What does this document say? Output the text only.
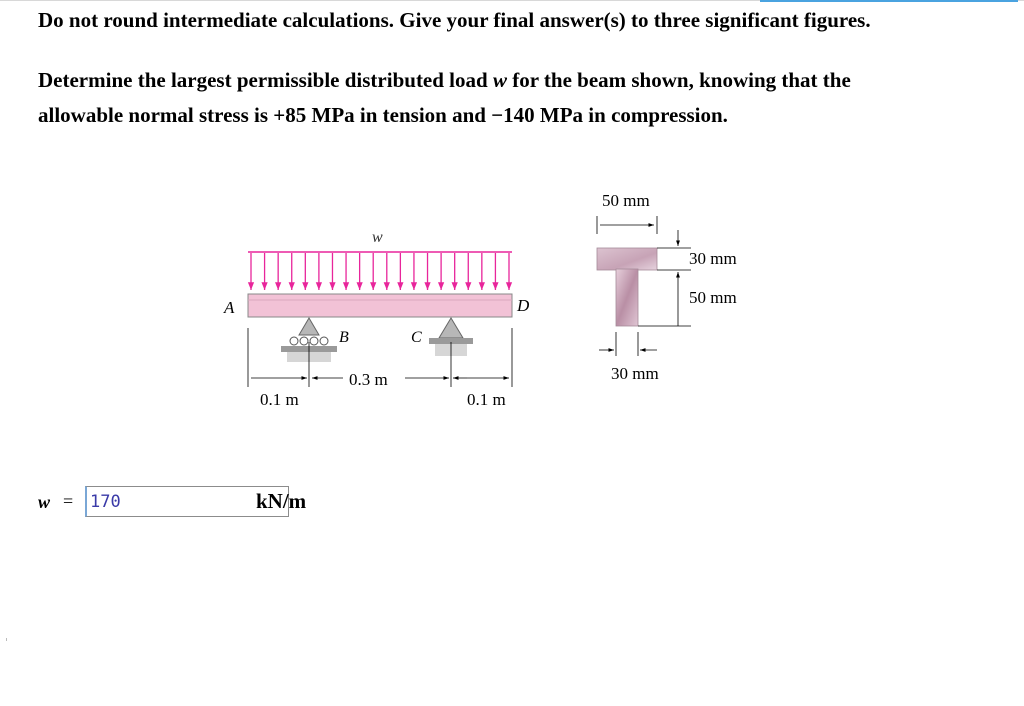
Do not round intermediate calculations. Give your final answer(s) to three significant figures.
Determine the largest permissible distributed load w for the beam shown, knowing that the
allowable normal stress is +85 MPa in tension and −140 MPa in compression.
w
A	D
B	C
0.1 m
0.3 m
0.1 m
50 mm
30 mm
50 mm
30 mm
w =
170	kN/m
